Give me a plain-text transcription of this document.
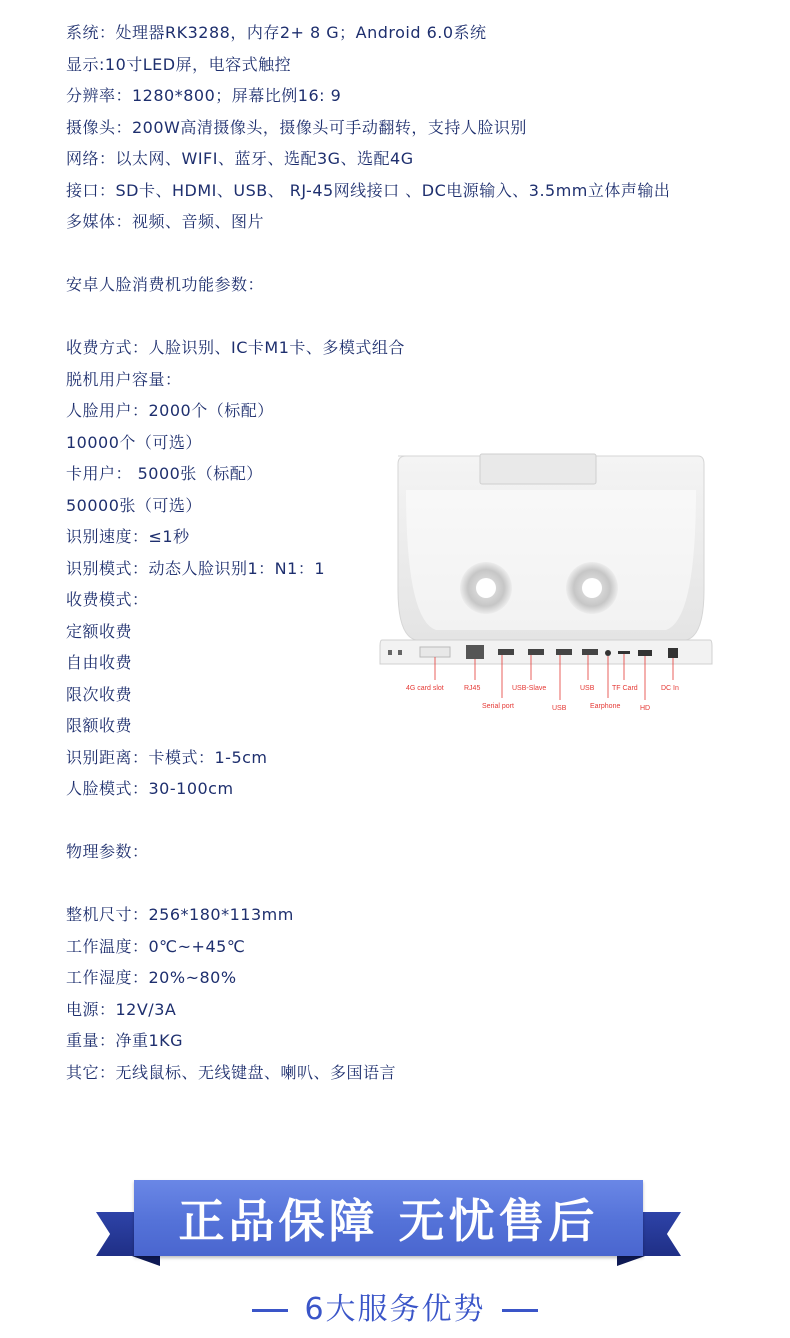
系统：处理器RK3288，内存2+ 8 G；Android 6.0系统
显示:10寸LED屏，电容式触控
分辨率：1280*800；屏幕比例16: 9
摄像头：200W高清摄像头，摄像头可手动翻转，支持人脸识别
网络：以太网、WIFI、蓝牙、选配3G、选配4G
接口：SD卡、HDMI、USB、 RJ-45网线接口 、DC电源输入、3.5mm立体声输出
多媒体：视频、音频、图片
安卓人脸消费机功能参数：
收费方式：人脸识别、IC卡M1卡、多模式组合
脱机用户容量：
人脸用户：2000个（标配）
10000个（可选）
卡用户： 5000张（标配）
50000张（可选）
识别速度：≤1秒
识别模式：动态人脸识别1：N1：1
收费模式：
定额收费
自由收费
限次收费
限额收费
识别距离：卡模式：1-5cm
人脸模式：30-100cm
物理参数：
整机尺寸：256*180*113mm
工作温度：0℃~+45℃
工作湿度：20%~80%
电源：12V/3A
重量：净重1KG
其它：无线鼠标、无线键盘、喇叭、多国语言
4G card slot	RJ45
Serial port
USB-Slave
USB
USB
Earphone
TF Card
HD
DC In
正品保障 无忧售后
6大服务优势
